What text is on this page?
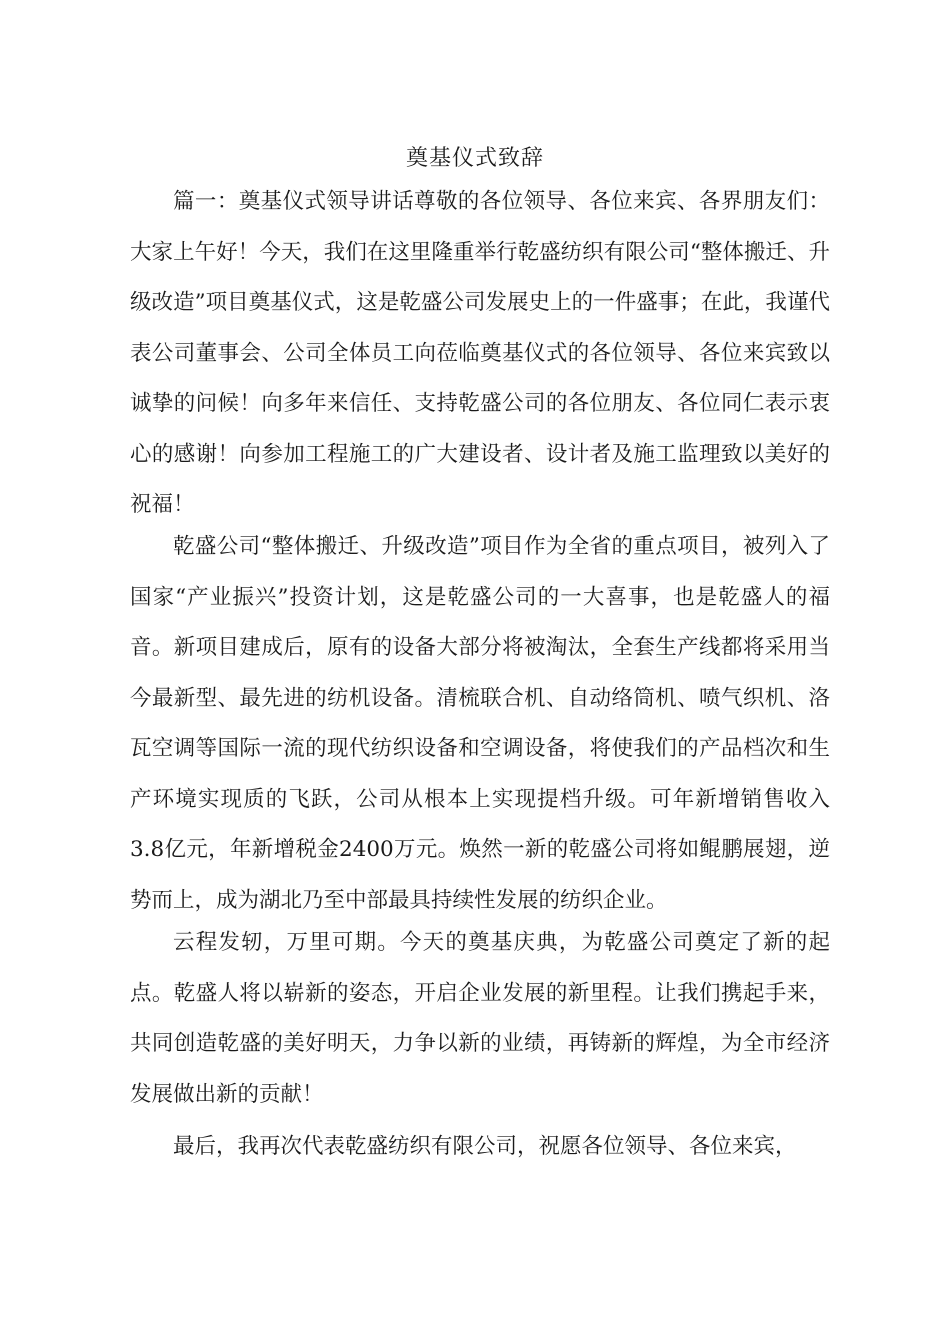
奠基仪式致辞

篇一：奠基仪式领导讲话尊敬的各位领导、各位来宾、各界朋友们：大家上午好！今天，我们在这里隆重举行乾盛纺织有限公司“整体搬迁、升级改造”项目奠基仪式，这是乾盛公司发展史上的一件盛事；在此，我谨代表公司董事会、公司全体员工向莅临奠基仪式的各位领导、各位来宾致以诚挚的问候！向多年来信任、支持乾盛公司的各位朋友、各位同仁表示衷心的感谢！向参加工程施工的广大建设者、设计者及施工监理致以美好的祝福！

乾盛公司“整体搬迁、升级改造”项目作为全省的重点项目，被列入了国家“产业振兴”投资计划，这是乾盛公司的一大喜事，也是乾盛人的福音。新项目建成后，原有的设备大部分将被淘汰，全套生产线都将采用当今最新型、最先进的纺机设备。清梳联合机、自动络筒机、喷气织机、洛瓦空调等国际一流的现代纺织设备和空调设备，将使我们的产品档次和生产环境实现质的飞跃，公司从根本上实现提档升级。可年新增销售收入3.8亿元，年新增税金2400万元。焕然一新的乾盛公司将如鲲鹏展翅，逆势而上，成为湖北乃至中部最具持续性发展的纺织企业。

云程发轫，万里可期。今天的奠基庆典，为乾盛公司奠定了新的起点。乾盛人将以崭新的姿态，开启企业发展的新里程。让我们携起手来，共同创造乾盛的美好明天，力争以新的业绩，再铸新的辉煌，为全市经济发展做出新的贡献！

最后，我再次代表乾盛纺织有限公司，祝愿各位领导、各位来宾，
